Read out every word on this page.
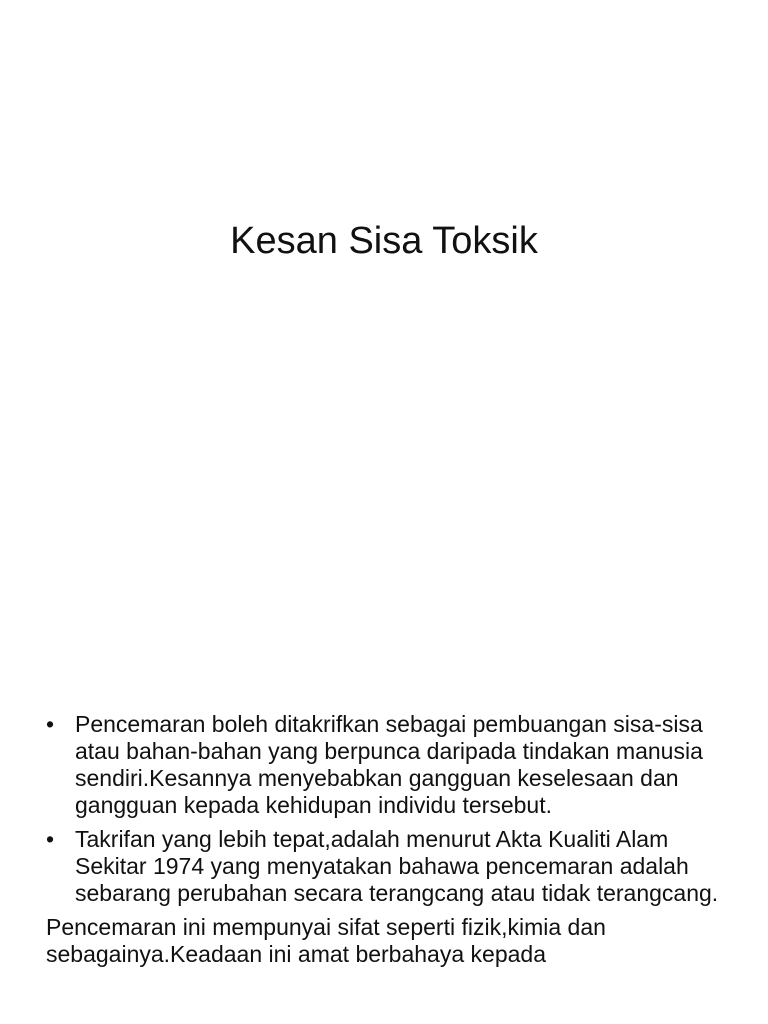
Kesan Sisa Toksik
• Pencemaran boleh ditakrifkan sebagai pembuangan sisa-sisa atau bahan-bahan yang berpunca daripada tindakan manusia sendiri.Kesannya menyebabkan gangguan keselesaan dan gangguan kepada kehidupan individu tersebut.
• Takrifan yang lebih tepat,adalah menurut Akta Kualiti Alam Sekitar 1974 yang menyatakan bahawa pencemaran adalah sebarang perubahan secara terangcang atau tidak terangcang.

Pencemaran ini mempunyai sifat seperti fizik,kimia dan sebagainya.Keadaan ini amat berbahaya kepada
